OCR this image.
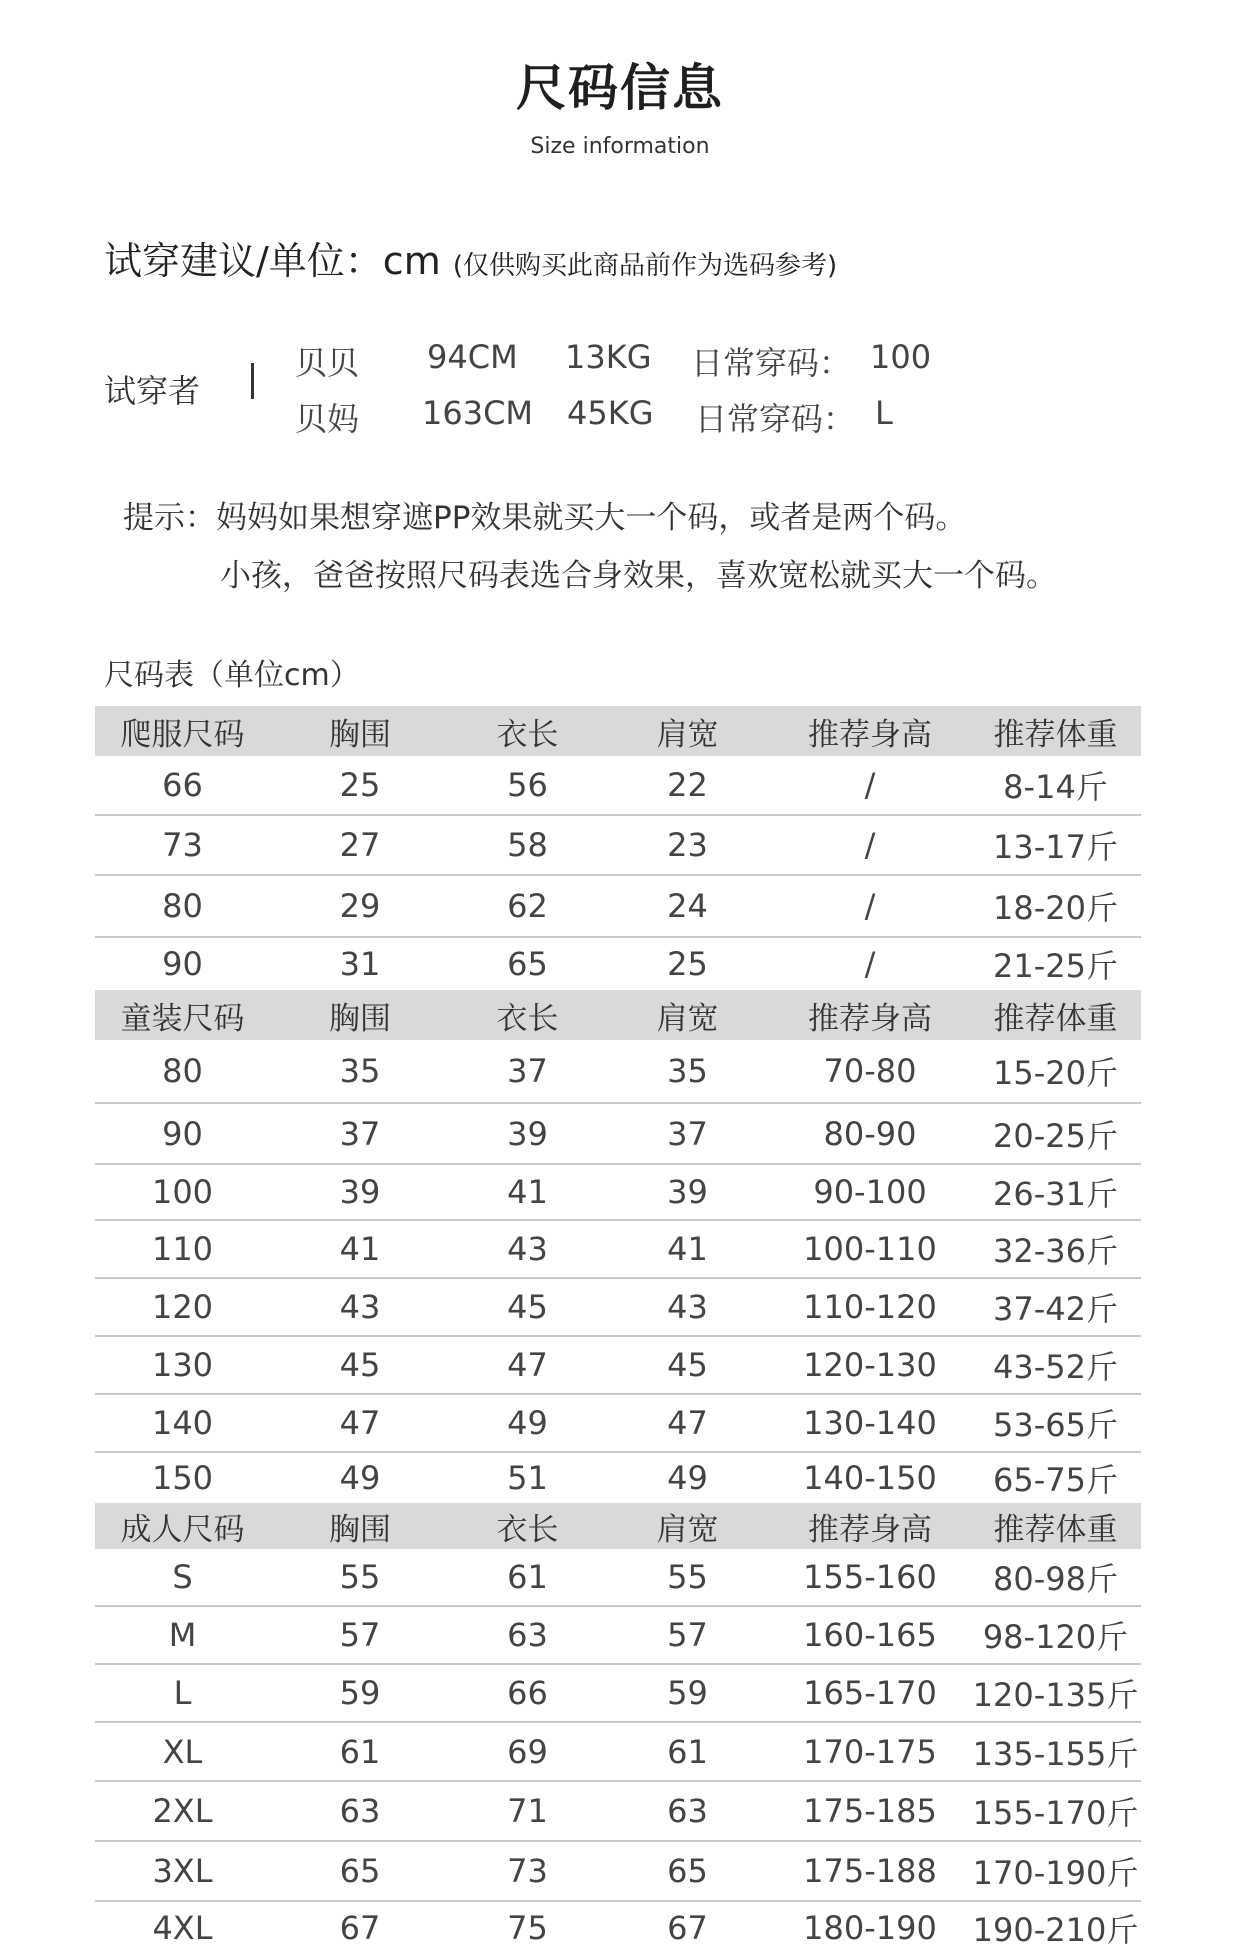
尺码信息
Size information
试穿建议/单位：cm (仅供购买此商品前作为选码参考)
试穿者
贝贝 94CM 13KG 日常穿码： 100
贝妈 163CM 45KG 日常穿码： L
提示：妈妈如果想穿遮PP效果就买大一个码，或者是两个码。
小孩，爸爸按照尺码表选合身效果，喜欢宽松就买大一个码。
尺码表（单位cm）
爬服尺码	胸围	衣长	肩宽	推荐身高	推荐体重
66	25	56	22	/	8-14斤
73	27	58	23	/	13-17斤
80	29	62	24	/	18-20斤
90	31	65	25	/	21-25斤
童装尺码	胸围	衣长	肩宽	推荐身高	推荐体重
80	35	37	35	70-80	15-20斤
90	37	39	37	80-90	20-25斤
100	39	41	39	90-100	26-31斤
110	41	43	41	100-110	32-36斤
120	43	45	43	110-120	37-42斤
130	45	47	45	120-130	43-52斤
140	47	49	47	130-140	53-65斤
150	49	51	49	140-150	65-75斤
成人尺码	胸围	衣长	肩宽	推荐身高	推荐体重
S	55	61	55	155-160	80-98斤
M	57	63	57	160-165	98-120斤
L	59	66	59	165-170	120-135斤
XL	61	69	61	170-175	135-155斤
2XL	63	71	63	175-185	155-170斤
3XL	65	73	65	175-188	170-190斤
4XL	67	75	67	180-190	190-210斤
